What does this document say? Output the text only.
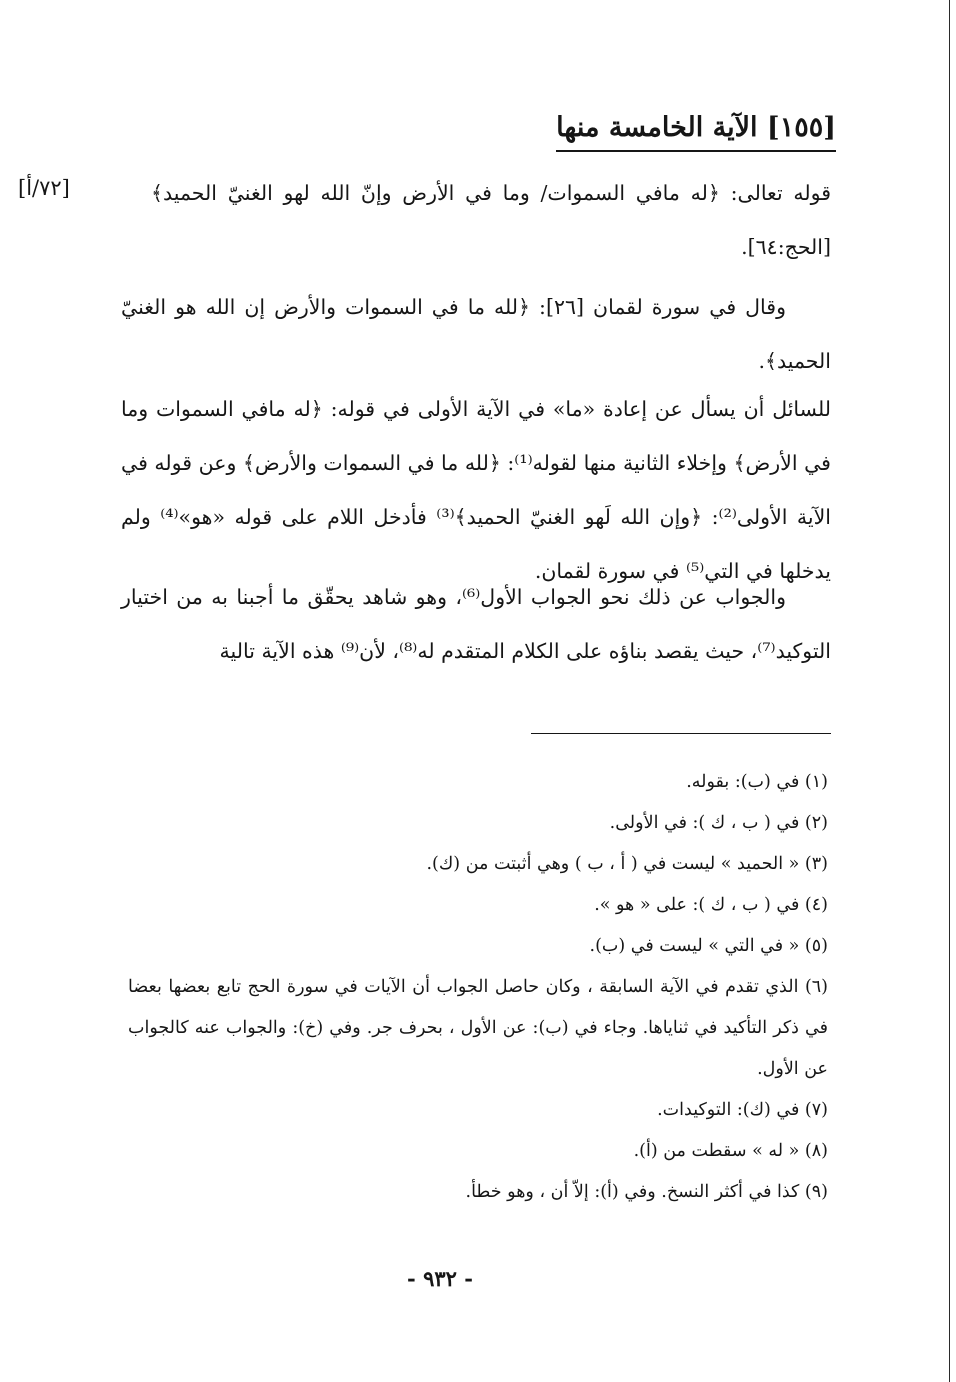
[١٥٥] الآية الخامسة منها
[٧٢/أ]	قوله تعالى: ﴿له مافي السموات/ وما في الأرض وإنّ الله لهو الغنيّ الحميد﴾ [الحج:٦٤].

وقال في سورة لقمان [٢٦]: ﴿لله ما في السموات والأرض إن الله هو الغنيّ الحميد﴾.

للسائل أن يسأل عن إعادة «ما» في الآية الأولى في قوله: ﴿له مافي السموات وما في الأرض﴾ وإخلاء الثانية منها لقوله⁽¹⁾: ﴿لله ما في السموات والأرض﴾ وعن قوله في الآية الأولى⁽²⁾: ﴿وإن الله لَهو الغنيّ الحميد﴾⁽³⁾ فأدخل اللام على قوله «هو»⁽⁴⁾ ولم يدخلها في التي⁽⁵⁾ في سورة لقمان.

والجواب عن ذلك نحو الجواب الأول⁽⁶⁾، وهو شاهد يحقّق ما أجبنا به من اختيار التوكيد⁽⁷⁾، حيث يقصد بناؤه على الكلام المتقدم له⁽⁸⁾، لأن⁽⁹⁾ هذه الآية تالية

(١) في (ب): بقوله.
(٢) في ( ب ، ك ): في الأولى.
(٣) « الحميد » ليست في ( أ ، ب ) وهي أثبتت من (ك).
(٤) في ( ب ، ك ): على « هو ».
(٥) « في التي » ليست في (ب).
(٦) الذي تقدم في الآية السابقة ، وكان حاصل الجواب أن الآيات في سورة الحج تابع بعضها بعضا في ذكر التأكيد في ثناياها. وجاء في (ب): عن الأول ، بحرف جر. وفي (خ): والجواب عنه كالجواب عن الأول.
(٧) في (ك): التوكيدات.
(٨) « له » سقطت من (أ).
(٩) كذا في أكثر النسخ. وفي (أ): إلاّ أن ، وهو خطأ.
- ٩٣٢ -
